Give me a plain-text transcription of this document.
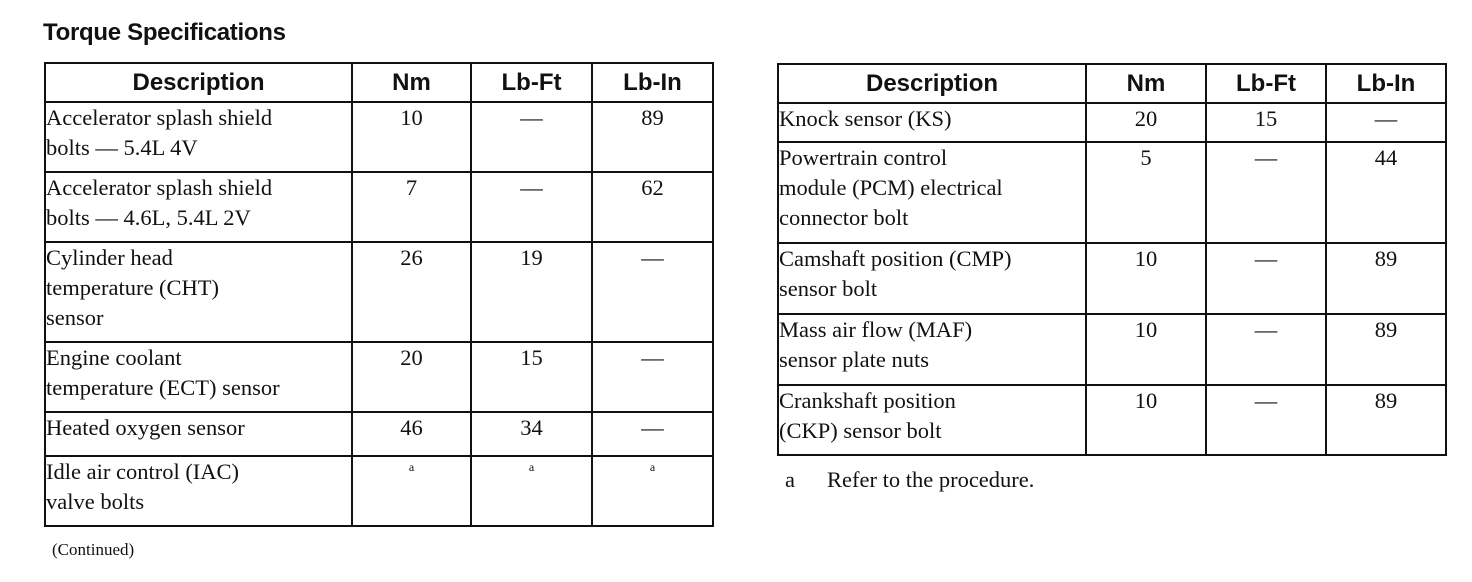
Torque Specifications
Description	Nm	Lb-Ft	Lb-In

Accelerator splash shield
bolts — 5.4L 4V	10	—	89

Accelerator splash shield
bolts — 4.6L, 5.4L 2V	7	—	62

Cylinder head
temperature (CHT)
sensor	26	19	—

Engine coolant
temperature (ECT) sensor	20	15	—

Heated oxygen sensor	46	34	—

Idle air control (IAC)
valve bolts	$^a$	$^a$	$^a$
Description	Nm	Lb-Ft	Lb-In

Knock sensor (KS)	20	15	—

Powertrain control
module (PCM) electrical
connector bolt	5	—	44

Camshaft position (CMP)
sensor bolt	10	—	89

Mass air flow (MAF)
sensor plate nuts	10	—	89

Crankshaft position
(CKP) sensor bolt	10	—	89
(Continued)
a Refer to the procedure.
